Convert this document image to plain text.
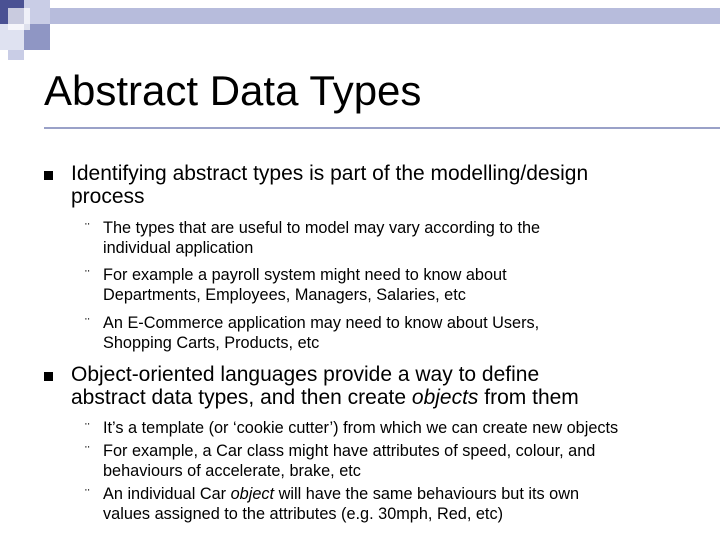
Abstract Data Types
Identifying abstract types is part of the modelling/design
process
¨ The types that are useful to model may vary according to the
individual application
¨ For example a payroll system might need to know about
Departments, Employees, Managers, Salaries, etc
¨ An E-Commerce application may need to know about Users,
Shopping Carts, Products, etc
Object-oriented languages provide a way to define
abstract data types, and then create objects from them
¨ It’s a template (or ‘cookie cutter’) from which we can create new objects
¨ For example, a Car class might have attributes of speed, colour, and
behaviours of accelerate, brake, etc
¨ An individual Car object will have the same behaviours but its own
values assigned to the attributes (e.g. 30mph, Red, etc)
